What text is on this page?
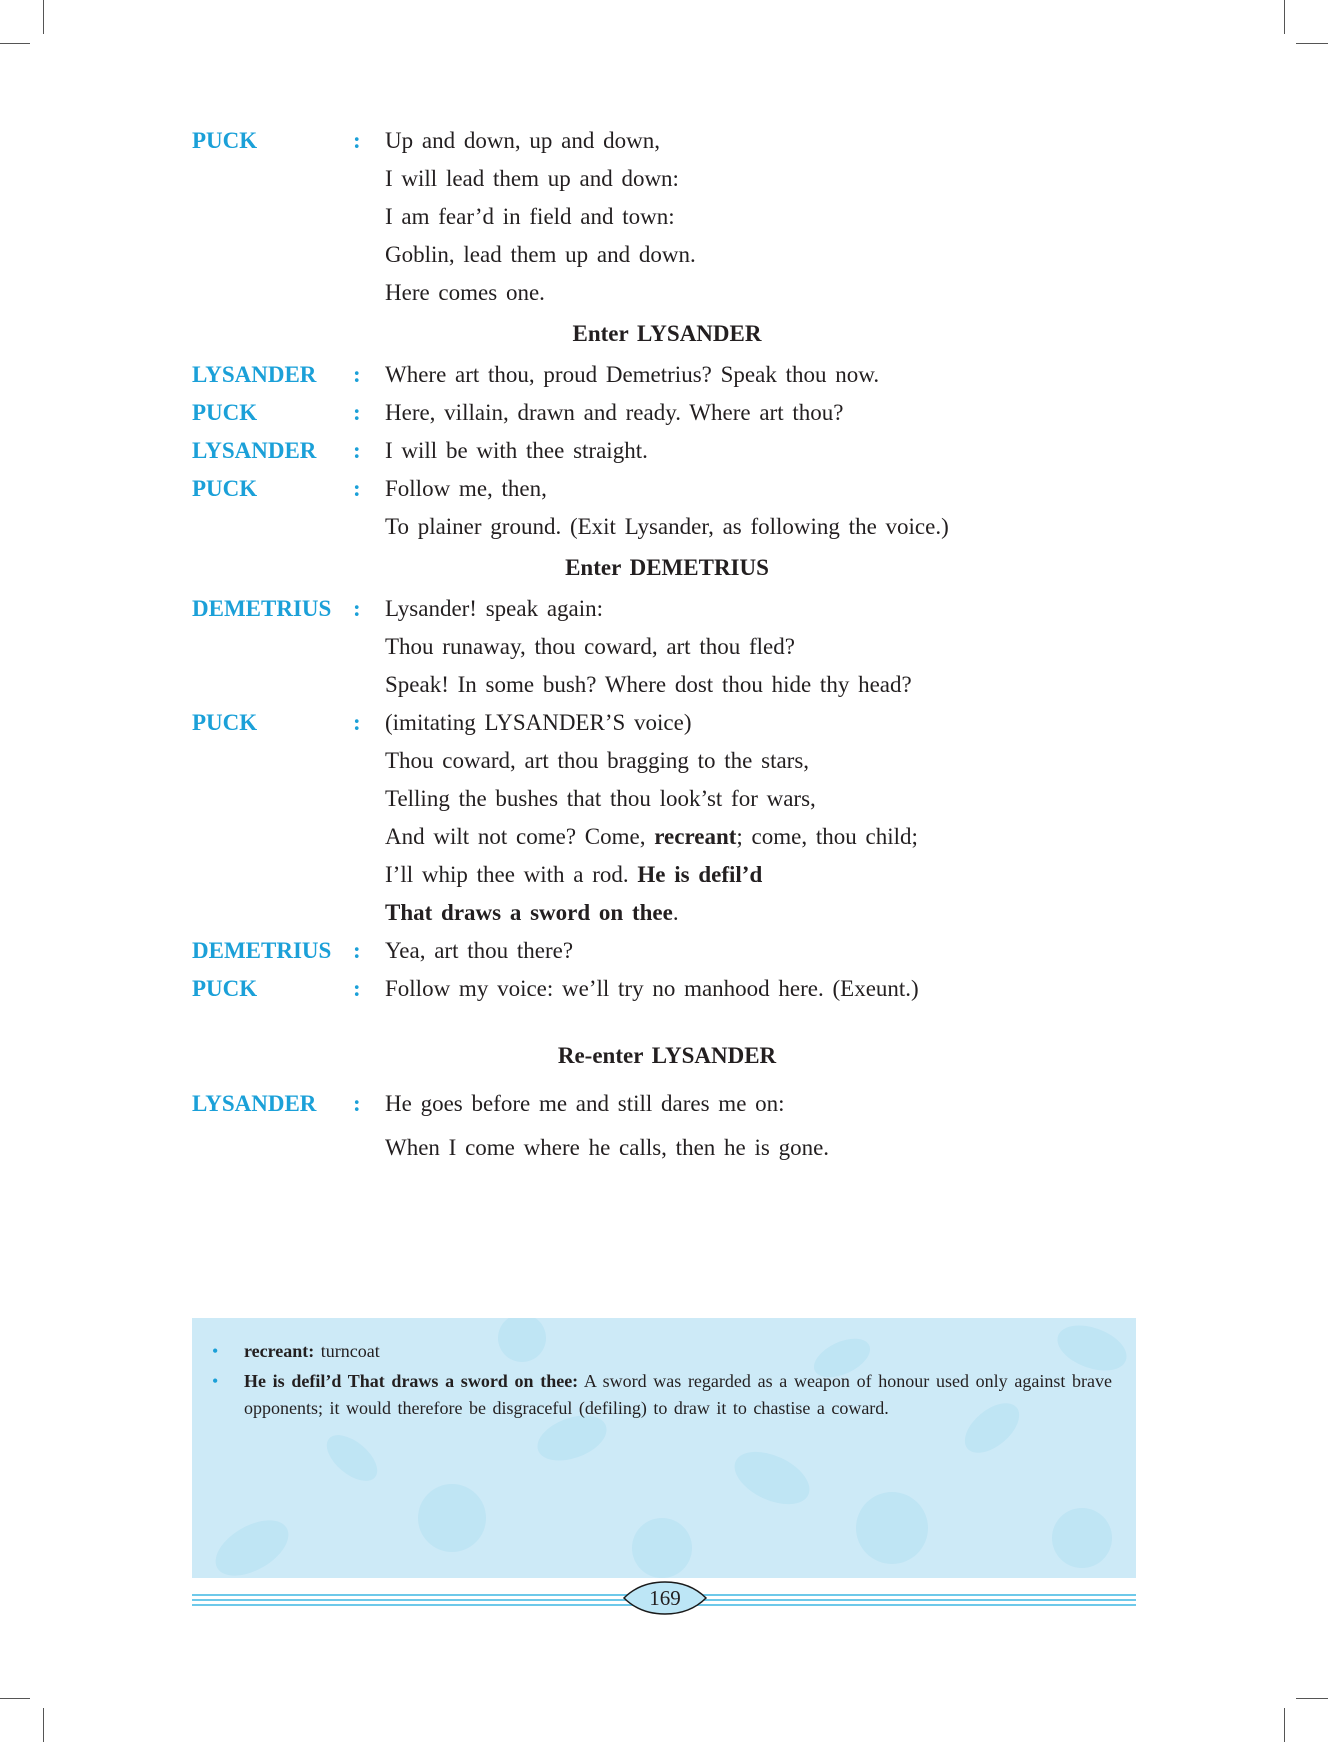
PUCK	:	Up and down, up and down,
I will lead them up and down:
I am fear’d in field and town:
Goblin, lead them up and down.
Here comes one.
Enter LYSANDER
LYSANDER	:	Where art thou, proud Demetrius? Speak thou now.
PUCK	:	Here, villain, drawn and ready. Where art thou?
LYSANDER	:	I will be with thee straight.
PUCK	:	Follow me, then,
To plainer ground. (Exit Lysander, as following the voice.)
Enter DEMETRIUS
DEMETRIUS :	Lysander! speak again:
Thou runaway, thou coward, art thou fled?
Speak! In some bush? Where dost thou hide thy head?
PUCK	:	(imitating LYSANDER’S voice)
Thou coward, art thou bragging to the stars,
Telling the bushes that thou look’st for wars,
And wilt not come? Come, recreant; come, thou child;
I’ll whip thee with a rod. He is defil’d
That draws a sword on thee.
DEMETRIUS :	Yea, art thou there?
PUCK	:	Follow my voice: we’ll try no manhood here. (Exeunt.)
Re-enter LYSANDER
LYSANDER	:	He goes before me and still dares me on:
When I come where he calls, then he is gone.
•	recreant: turncoat
•	He is defil’d That draws a sword on thee: A sword was regarded as a weapon of honour used only against brave opponents; it would therefore be disgraceful (defiling) to draw it to chastise a coward.
169
